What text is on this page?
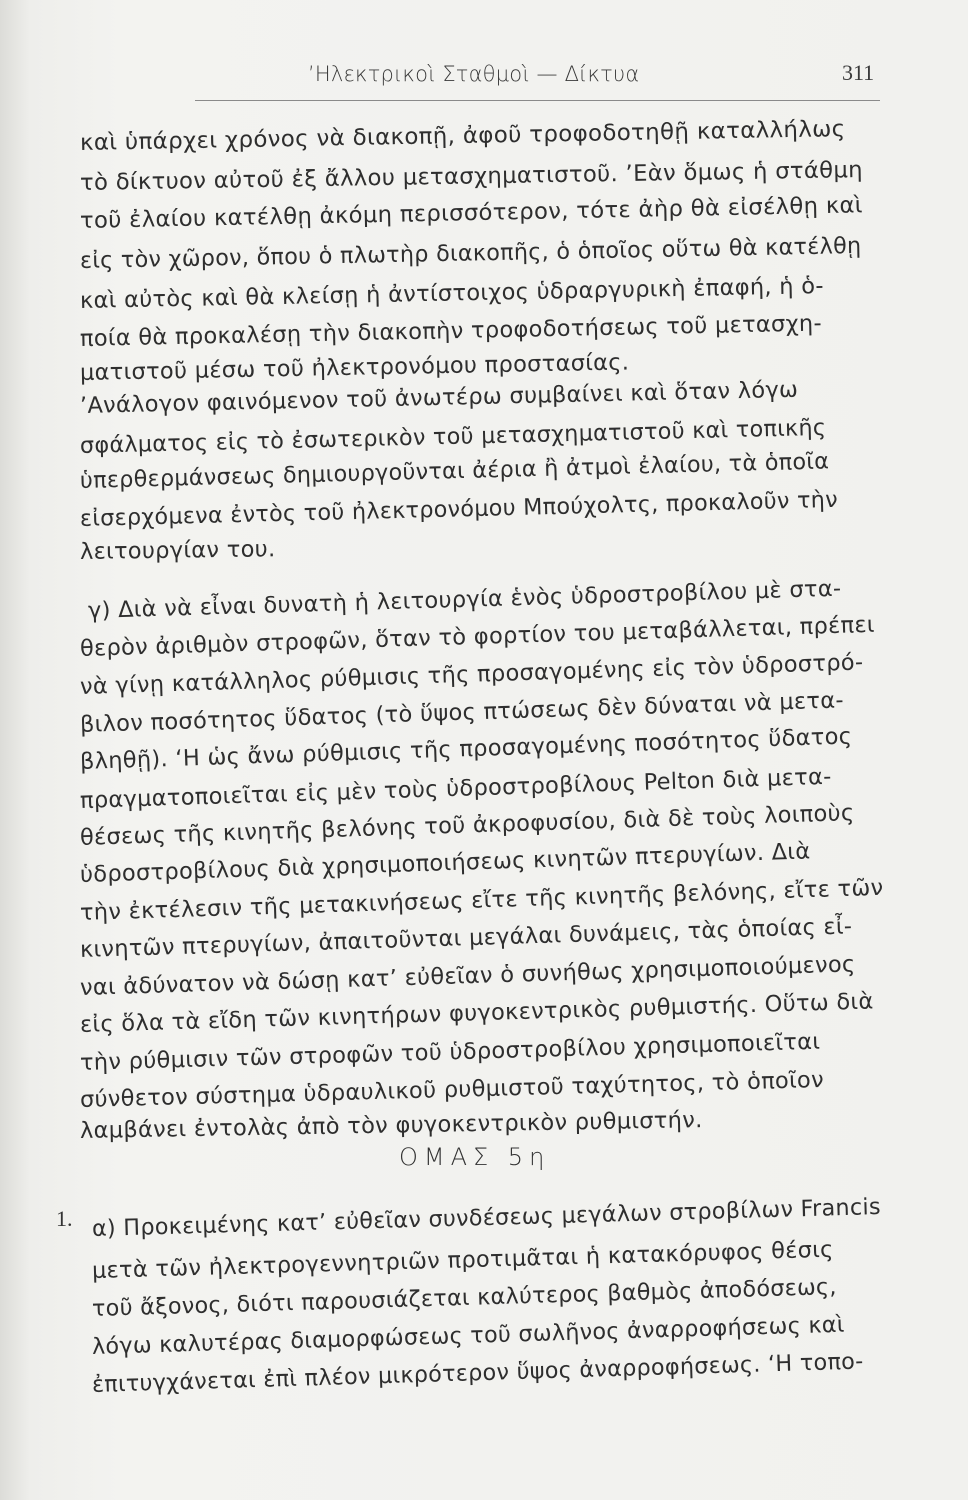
’Ηλεκτρικοὶ Σταθμοὶ — Δίκτυα	311
καὶ ὑπάρχει χρόνος νὰ διακοπῇ, ἀφοῦ τροφοδοτηθῇ καταλλήλως
τὸ δίκτυον αὐτοῦ ἐξ ἄλλου μετασχηματιστοῦ. ’Εὰν ὅμως ἡ στάθμη
τοῦ ἐλαίου κατέλθῃ ἀκόμη περισσότερον, τότε ἀὴρ θὰ εἰσέλθῃ καὶ
εἰς τὸν χῶρον, ὅπου ὁ πλωτὴρ διακοπῆς, ὁ ὁποῖος οὕτω θὰ κατέλθῃ
καὶ αὐτὸς καὶ θὰ κλείσῃ ἡ ἀντίστοιχος ὑδραργυρικὴ ἐπαφή, ἡ ὁ-
ποία θὰ προκαλέσῃ τὴν διακοπὴν τροφοδοτήσεως τοῦ μετασχη-
ματιστοῦ μέσω τοῦ ἠλεκτρονόμου προστασίας.
’Ανάλογον φαινόμενον τοῦ ἀνωτέρω συμβαίνει καὶ ὅταν λόγω
σφάλματος εἰς τὸ ἐσωτερικὸν τοῦ μετασχηματιστοῦ καὶ τοπικῆς
ὑπερθερμάνσεως δημιουργοῦνται ἀέρια ἢ ἀτμοὶ ἐλαίου, τὰ ὁποῖα
εἰσερχόμενα ἐντὸς τοῦ ἠλεκτρονόμου Μπούχολτς, προκαλοῦν τὴν
λειτουργίαν του.
γ) Διὰ νὰ εἶναι δυνατὴ ἡ λειτουργία ἑνὸς ὑδροστροβίλου μὲ στα-
θερὸν ἀριθμὸν στροφῶν, ὅταν τὸ φορτίον του μεταβάλλεται, πρέπει
νὰ γίνῃ κατάλληλος ρύθμισις τῆς προσαγομένης εἰς τὸν ὑδροστρό-
βιλον ποσότητος ὕδατος (τὸ ὕψος πτώσεως δὲν δύναται νὰ μετα-
βληθῇ). ‘Η ὡς ἄνω ρύθμισις τῆς προσαγομένης ποσότητος ὕδατος
πραγματοποιεῖται εἰς μὲν τοὺς ὑδροστροβίλους Pelton διὰ μετα-
θέσεως τῆς κινητῆς βελόνης τοῦ ἀκροφυσίου, διὰ δὲ τοὺς λοιποὺς
ὑδροστροβίλους διὰ χρησιμοποιήσεως κινητῶν πτερυγίων. Διὰ
τὴν ἐκτέλεσιν τῆς μετακινήσεως εἴτε τῆς κινητῆς βελόνης, εἴτε τῶν
κινητῶν πτερυγίων, ἀπαιτοῦνται μεγάλαι δυνάμεις, τὰς ὁποίας εἶ-
ναι ἀδύνατον νὰ δώσῃ κατ’ εὐθεῖαν ὁ συνήθως χρησιμοποιούμενος
εἰς ὅλα τὰ εἴδη τῶν κινητήρων φυγοκεντρικὸς ρυθμιστής. Οὕτω διὰ
τὴν ρύθμισιν τῶν στροφῶν τοῦ ὑδροστροβίλου χρησιμοποιεῖται
σύνθετον σύστημα ὑδραυλικοῦ ρυθμιστοῦ ταχύτητος, τὸ ὁποῖον
λαμβάνει ἐντολὰς ἀπὸ τὸν φυγοκεντρικὸν ρυθμιστήν.
ΟΜΑΣ 5η
1. α) Προκειμένης κατ’ εὐθεῖαν συνδέσεως μεγάλων στροβίλων Francis
μετὰ τῶν ἠλεκτρογεννητριῶν προτιμᾶται ἡ κατακόρυφος θέσις
τοῦ ἄξονος, διότι παρουσιάζεται καλύτερος βαθμὸς ἀποδόσεως,
λόγω καλυτέρας διαμορφώσεως τοῦ σωλῆνος ἀναρροφήσεως καὶ
ἐπιτυγχάνεται ἐπὶ πλέον μικρότερον ὕψος ἀναρροφήσεως. ‘Η τοπο-
